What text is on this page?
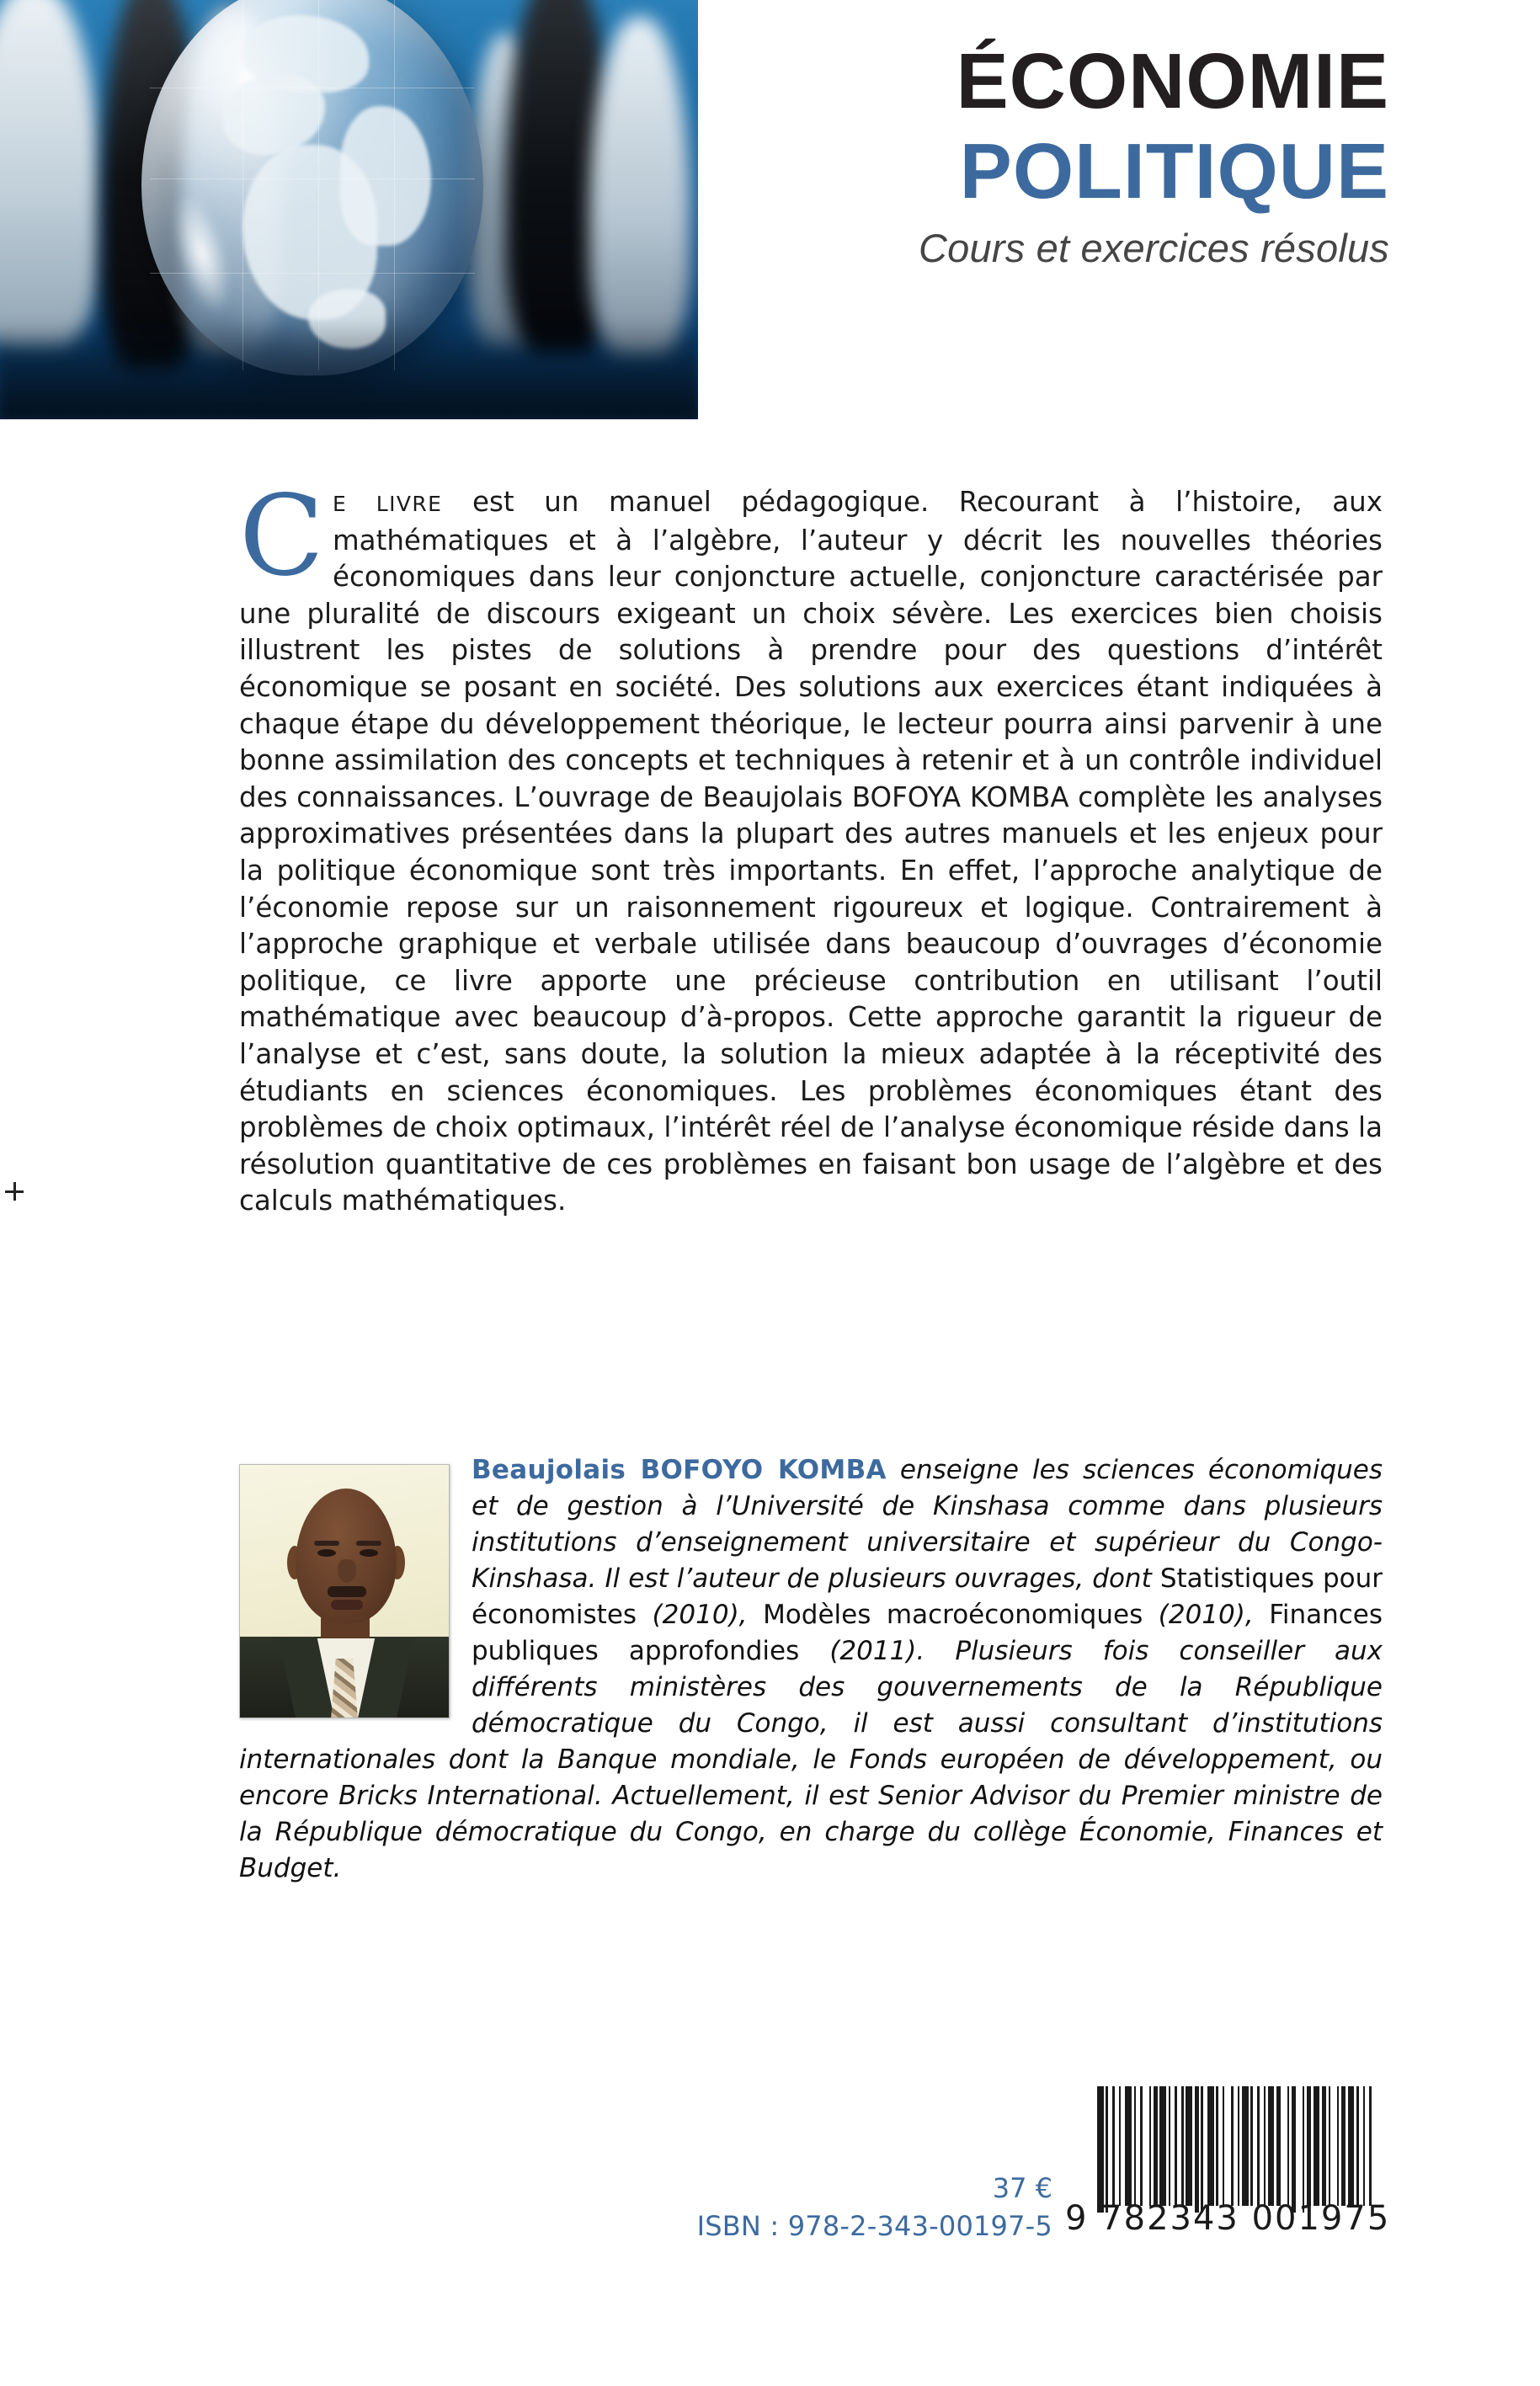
ÉCONOMIE
POLITIQUE
Cours et exercices résolus
C E LIVRE est un manuel pédagogique. Recourant à l’histoire, aux mathématiques et à l’algèbre, l’auteur y décrit les nouvelles théories économiques dans leur conjoncture actuelle, conjoncture caractérisée par une pluralité de discours exigeant un choix sévère. Les exercices bien choisis illustrent les pistes de solutions à prendre pour des questions d’intérêt économique se posant en société. Des solutions aux exercices étant indiquées à chaque étape du développement théorique, le lecteur pourra ainsi parvenir à une bonne assimilation des concepts et techniques à retenir et à un contrôle individuel des connaissances. L’ouvrage de Beaujolais BOFOYA KOMBA complète les analyses approximatives présentées dans la plupart des autres manuels et les enjeux pour la politique économique sont très importants. En effet, l’approche analytique de l’économie repose sur un raisonnement rigoureux et logique. Contrairement à l’approche graphique et verbale utilisée dans beaucoup d’ouvrages d’économie politique, ce livre apporte une précieuse contribution en utilisant l’outil mathématique avec beaucoup d’à-propos. Cette approche garantit la rigueur de l’analyse et c’est, sans doute, la solution la mieux adaptée à la réceptivité des étudiants en sciences économiques. Les problèmes économiques étant des problèmes de choix optimaux, l’intérêt réel de l’analyse économique réside dans la résolution quantitative de ces problèmes en faisant bon usage de l’algèbre et des calculs mathématiques.
Beaujolais BOFOYO KOMBA enseigne les sciences économiques et de gestion à l’Université de Kinshasa comme dans plusieurs institutions d’enseignement universitaire et supérieur du Congo-Kinshasa. Il est l’auteur de plusieurs ouvrages, dont Statistiques pour économistes (2010), Modèles macroéconomiques (2010), Finances publiques approfondies (2011). Plusieurs fois conseiller aux différents ministères des gouvernements de la République démocratique du Congo, il est aussi consultant d’institutions internationales dont la Banque mondiale, le Fonds européen de développement, ou encore Bricks International. Actuellement, il est Senior Advisor du Premier ministre de la République démocratique du Congo, en charge du collège Économie, Finances et Budget.
37 €
ISBN : 978-2-343-00197-5 9 782343 001975
